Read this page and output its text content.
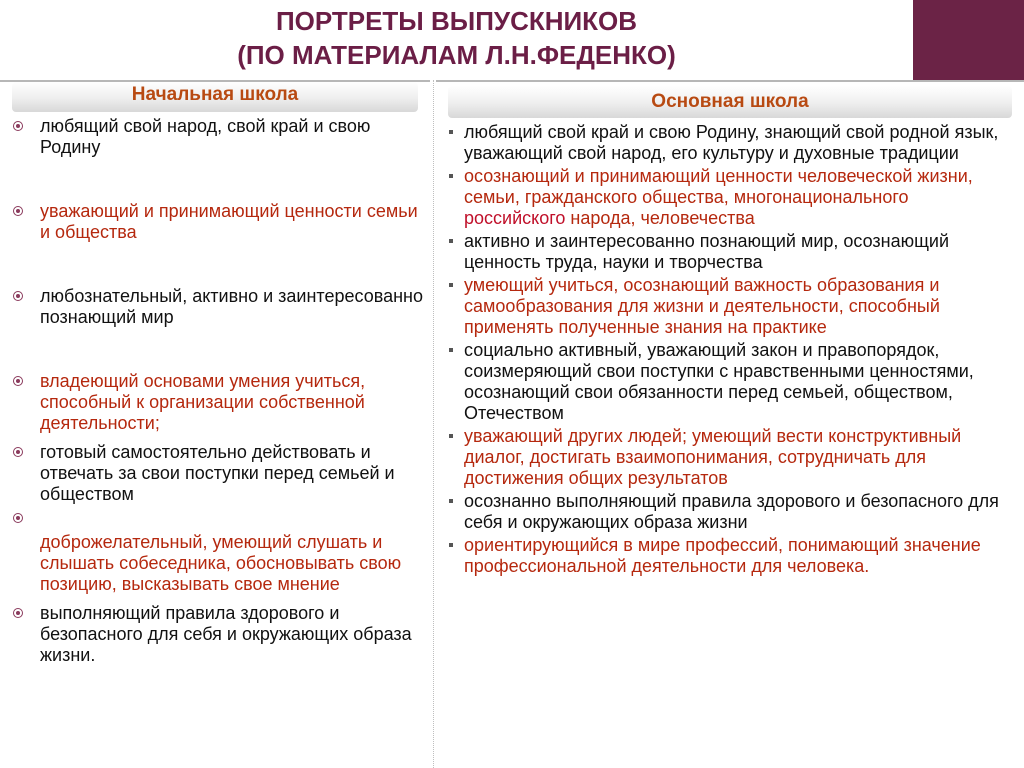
ПОРТРЕТЫ ВЫПУСКНИКОВ
(ПО МАТЕРИАЛАМ Л.Н.ФЕДЕНКО)
Начальная школа
любящий свой народ, свой край и свою Родину
уважающий и принимающий ценности семьи и общества
любознательный, активно и заинтересованно познающий мир
владеющий основами умения учиться, способный к организации собственной деятельности;
готовый самостоятельно действовать и отвечать за свои поступки перед семьей и обществом
доброжелательный, умеющий слушать и слышать собеседника, обосновывать свою позицию, высказывать свое мнение
выполняющий правила здорового и безопасного для себя и окружающих образа жизни.
Основная школа
любящий свой край и свою Родину, знающий свой родной язык, уважающий свой народ, его культуру и духовные традиции
осознающий и принимающий ценности человеческой жизни, семьи, гражданского общества, многонационального российского народа, человечества
активно и заинтересованно познающий мир, осознающий ценность труда, науки и творчества
умеющий учиться, осознающий важность образования и самообразования для жизни и деятельности, способный применять полученные знания на практике
социально активный, уважающий закон и правопорядок, соизмеряющий свои поступки с нравственными ценностями, осознающий свои обязанности перед семьей, обществом, Отечеством
уважающий других людей; умеющий вести конструктивный диалог, достигать взаимопонимания, сотрудничать для достижения общих результатов
осознанно выполняющий правила здорового и безопасного для себя и окружающих образа жизни
ориентирующийся в мире профессий, понимающий значение профессиональной деятельности для человека.
